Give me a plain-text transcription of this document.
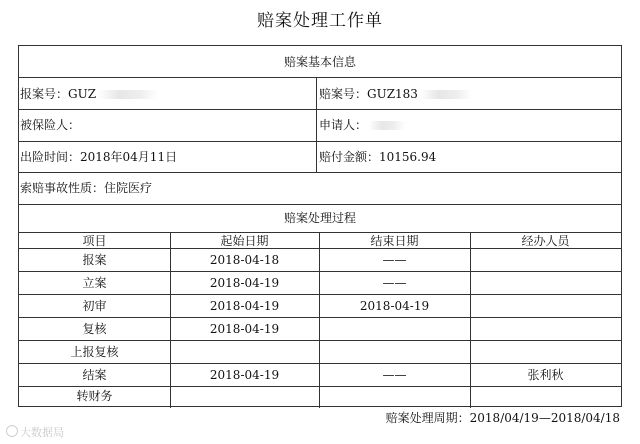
赔案处理工作单
赔案基本信息
报案号：GUZ	赔案号：GUZ183
被保险人：	申请人：
出险时间：2018年04月11日	赔付金额：10156.94
索赔事故性质：住院医疗
赔案处理过程
项目	起始日期	结束日期	经办人员
报案	2018-04-18	——
立案	2018-04-19	——
初审	2018-04-19	2018-04-19
复核	2018-04-19
上报复核
结案	2018-04-19	——	张利秋
转财务
赔案处理周期：2018/04/19—2018/04/18
大数据局
